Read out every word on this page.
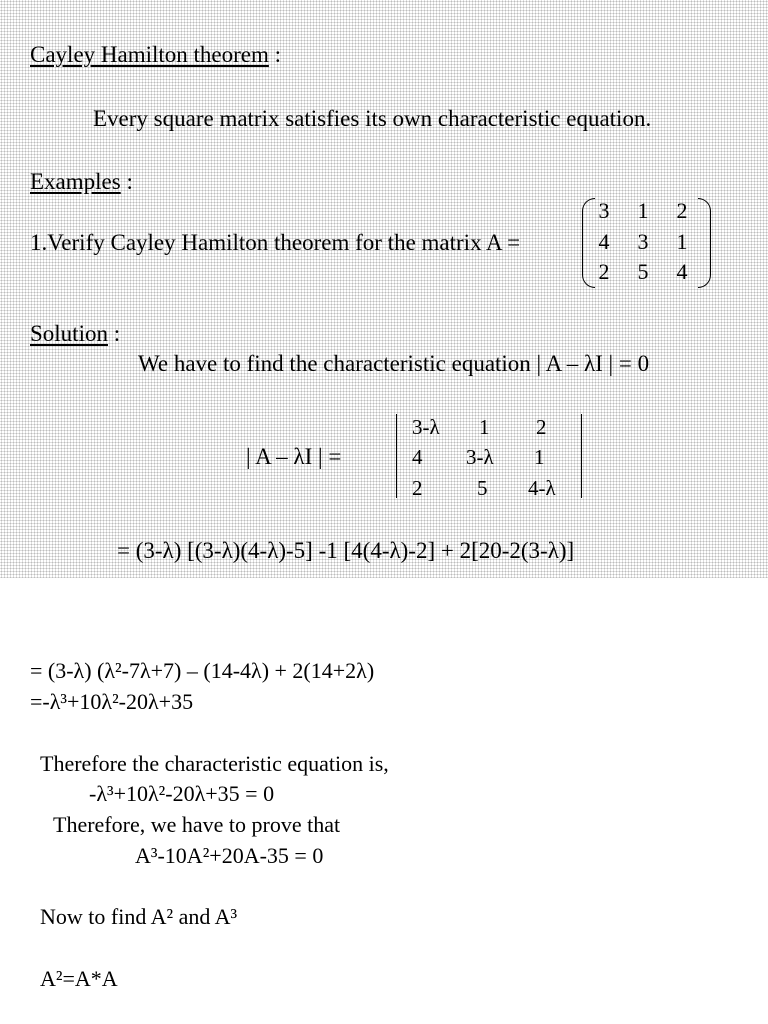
Cayley Hamilton theorem :
Every square matrix satisfies its own characteristic equation.
Examples :
1.Verify Cayley Hamilton theorem for the matrix A =
3	1	2
4	3	1
2	5	4
Solution :
We have to find the characteristic equation | A – λI | = 0
| A – λI | =
3-λ 1 2
4 3-λ 1
2	5 4-λ
= (3-λ) [(3-λ)(4-λ)-5] -1 [4(4-λ)-2] + 2[20-2(3-λ)]
= (3-λ) (λ²-7λ+7) – (14-4λ) + 2(14+2λ)
=-λ³+10λ²-20λ+35
Therefore the characteristic equation is,
-λ³+10λ²-20λ+35 = 0
Therefore, we have to prove that
A³-10A²+20A-35 = 0
Now to find A² and A³
A²=A*A
